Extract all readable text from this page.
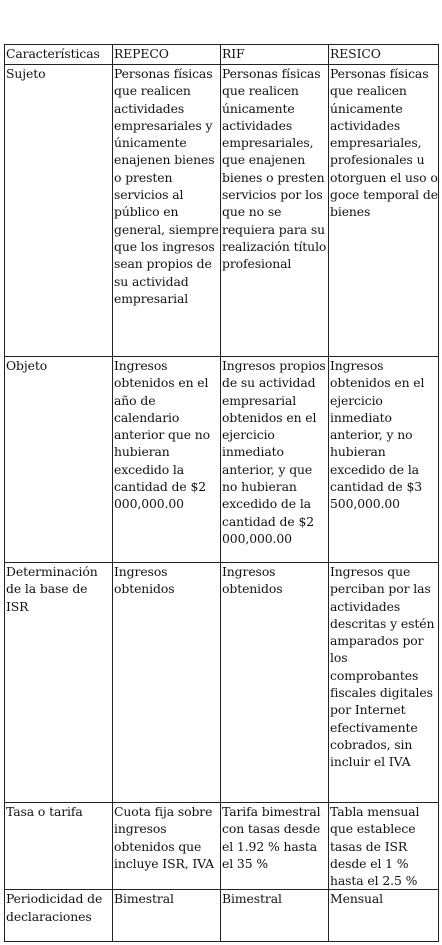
Características	REPECO	RIF	RESICO
Sujeto	Personas físicas que realicen actividades empresariales y únicamente enajenen bienes o presten servicios al público en general, siempre que los ingresos sean propios de su actividad empresarial	Personas físicas que realicen únicamente actividades empresariales, que enajenen bienes o presten servicios por los que no se requiera para su realización título profesional	Personas físicas que realicen únicamente actividades empresariales, profesionales u otorguen el uso o goce temporal de bienes
Objeto	Ingresos obtenidos en el año de calendario anterior que no hubieran excedido la cantidad de $2 000,000.00	Ingresos propios de su actividad empresarial obtenidos en el ejercicio inmediato anterior, y que no hubieran excedido de la cantidad de $2 000,000.00	Ingresos obtenidos en el ejercicio inmediato anterior, y no hubieran excedido de la cantidad de $3 500,000.00
Determinación de la base de ISR	Ingresos obtenidos	Ingresos obtenidos	Ingresos que perciban por las actividades descritas y estén amparados por los comprobantes fiscales digitales por Internet efectivamente cobrados, sin incluir el IVA
Tasa o tarifa	Cuota fija sobre ingresos obtenidos que incluye ISR, IVA	Tarifa bimestral con tasas desde el 1.92 % hasta el 35 %	Tabla mensual que establece tasas de ISR desde el 1 % hasta el 2.5 %
Periodicidad de declaraciones	Bimestral	Bimestral	Mensual
